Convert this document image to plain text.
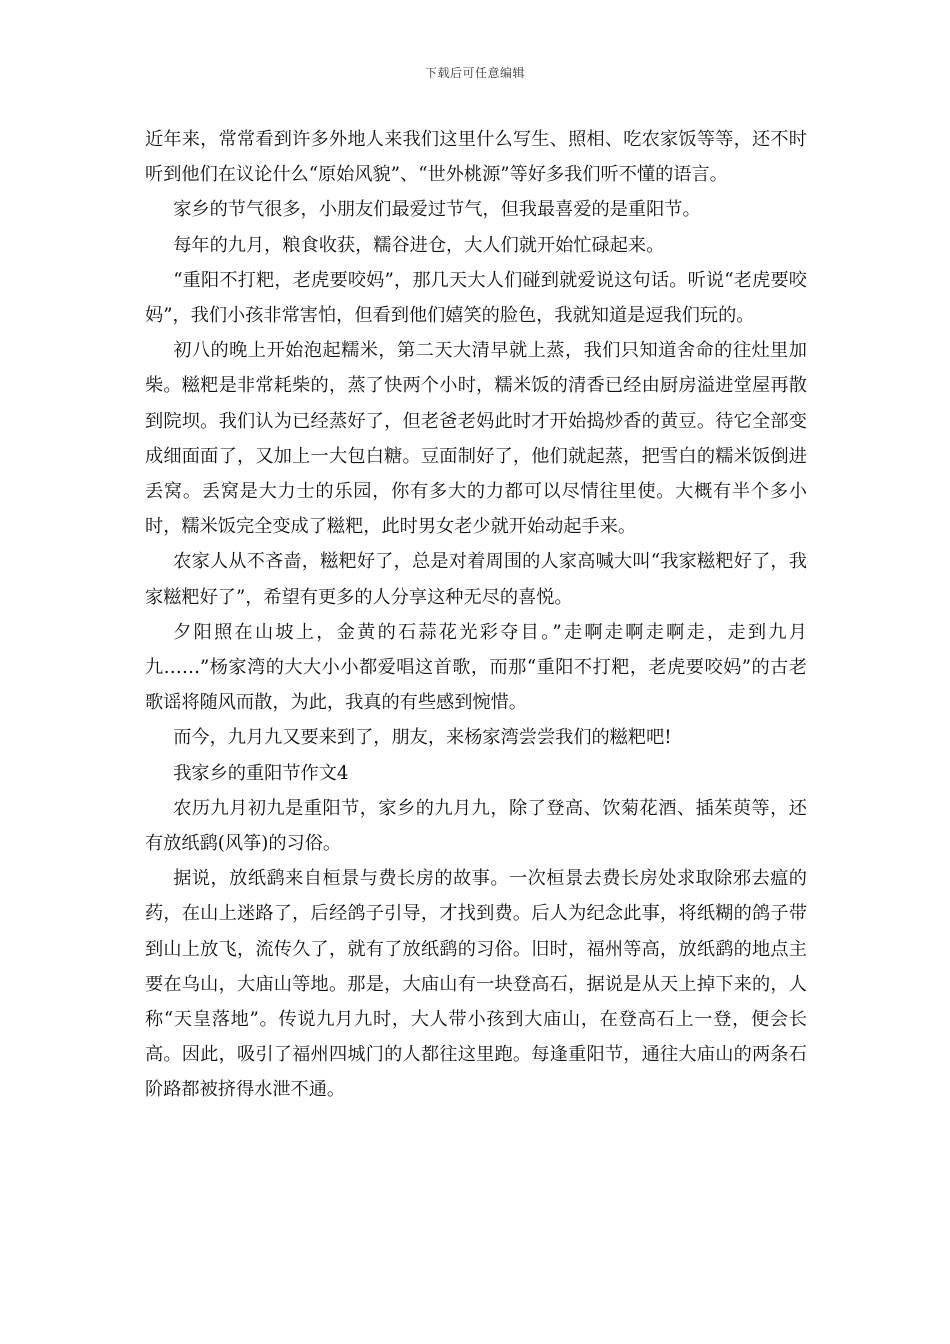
下载后可任意编辑

近年来，常常看到许多外地人来我们这里什么写生、照相、吃农家饭等等，还不时听到他们在议论什么“原始风貌”、“世外桃源”等好多我们听不懂的语言。

家乡的节气很多，小朋友们最爱过节气，但我最喜爱的是重阳节。

每年的九月，粮食收获，糯谷进仓，大人们就开始忙碌起来。

“重阳不打粑，老虎要咬妈”，那几天大人们碰到就爱说这句话。听说“老虎要咬妈”，我们小孩非常害怕，但看到他们嬉笑的脸色，我就知道是逗我们玩的。

初八的晚上开始泡起糯米，第二天大清早就上蒸，我们只知道舍命的往灶里加柴。糍粑是非常耗柴的，蒸了快两个小时，糯米饭的清香已经由厨房溢进堂屋再散到院坝。我们认为已经蒸好了，但老爸老妈此时才开始捣炒香的黄豆。待它全部变成细面面了，又加上一大包白糖。豆面制好了，他们就起蒸，把雪白的糯米饭倒进丢窝。丢窝是大力士的乐园，你有多大的力都可以尽情往里使。大概有半个多小时，糯米饭完全变成了糍粑，此时男女老少就开始动起手来。

农家人从不吝啬，糍粑好了，总是对着周围的人家高喊大叫“我家糍粑好了，我家糍粑好了”，希望有更多的人分享这种无尽的喜悦。

夕阳照在山坡上，金黄的石蒜花光彩夺目。”走啊走啊走啊走，走到九月九……”杨家湾的大大小小都爱唱这首歌，而那“重阳不打粑，老虎要咬妈”的古老歌谣将随风而散，为此，我真的有些感到惋惜。

而今，九月九又要来到了，朋友，来杨家湾尝尝我们的糍粑吧!

我家乡的重阳节作文4

农历九月初九是重阳节，家乡的九月九，除了登高、饮菊花酒、插茱萸等，还有放纸鹞(风筝)的习俗。

据说，放纸鹞来自桓景与费长房的故事。一次桓景去费长房处求取除邪去瘟的药，在山上迷路了，后经鸽子引导，才找到费。后人为纪念此事，将纸糊的鸽子带到山上放飞，流传久了，就有了放纸鹞的习俗。旧时，福州等高，放纸鹞的地点主要在乌山，大庙山等地。那是，大庙山有一块登高石，据说是从天上掉下来的，人称“天皇落地”。传说九月九时，大人带小孩到大庙山，在登高石上一登，便会长高。因此，吸引了福州四城门的人都往这里跑。每逢重阳节，通往大庙山的两条石阶路都被挤得水泄不通。
